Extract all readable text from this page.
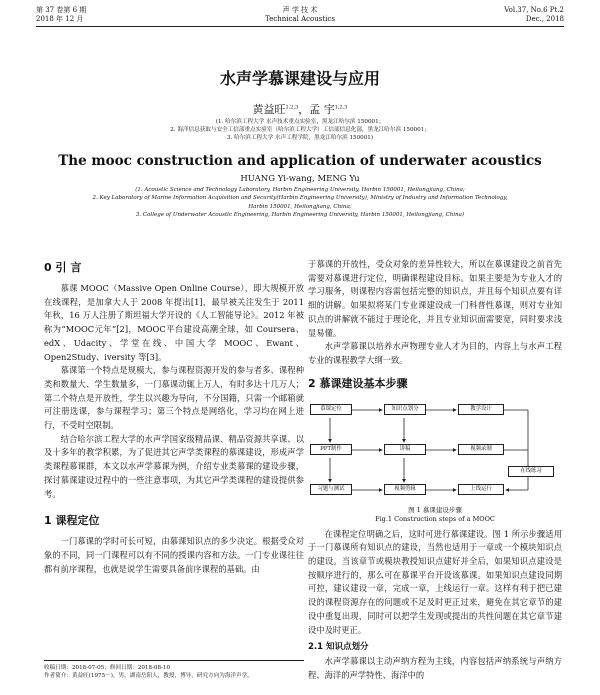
第 37 卷第 6 期
2018 年 12 月
声 学 技 术
Technical Acoustics
Vol.37, No.6 Pt.2
Dec., 2018
水声学慕课建设与应用
黄益旺$^{1,2,3}$，孟 宇$^{1,2,3}$
(1. 哈尔滨工程大学 水声技术重点实验室，黑龙江哈尔滨 150001；
2. 海洋信息获取与安全工信部重点实验室（哈尔滨工程大学）工信部信息化部，黑龙江哈尔滨 150001；
3. 哈尔滨工程大学 水声工程学院，黑龙江哈尔滨 150001)
The mooc construction and application of underwater acoustics
HUANG Yi-wang, MENG Yu
(1. Acoustic Science and Technology Laboratory, Harbin Engineering University, Harbin 150001, Heilongjiang, China;
2. Key Laboratory of Marine Information Acquisition and Security(Harbin Engineering University), Ministry of Industry and Information Technology,
Harbin 150001, Heilongjiang, China;
3. College of Underwater Acoustic Engineering, Harbin Engineering University, Harbin 150001, Heilongjiang, China)
0 引 言

慕课 MOOC（Massive Open Online Course），即大规模开放在线课程，是加拿大人于 2008 年提出[1]，最早被关注发生于 2011 年秋，16 万人注册了斯坦福大学开设的《人工智能导论》。2012 年被称为“MOOC元年”[2]，MOOC平台建设高潮全球，如 Coursera、edX、Udacity、学堂在线、中国大学 MOOC、Ewant、Open2Study、iversity 等[3]。

慕课第一个特点是规模大，参与课程资源开发的参与者多、课程种类和数量大、学生数量多，一门慕课动辄上万人，有时多达十几万人；第二个特点是开放性，学生以兴趣为导向，不分国籍，只需一个邮箱就可注册选课，参与课程学习；第三个特点是网络化，学习均在网上进行，不受时空限制。

结合哈尔滨工程大学的水声学国家级精品课、精品资源共享课、以及十多年的教学积累，为了促进其它声学类课程的慕课建设，形成声学类课程慕课群，本文以水声学慕课为例，介绍专业类慕课的建设步骤，探讨慕课建设过程中的一些注意事项，为其它声学类课程的建设提供参考。

1 课程定位

一门慕课的学时可长可短，由慕课知识点的多少决定。根据受众对象的不同，同一门课程可以有不同的授课内容和方法。一门专业课往往都有前序课程，也就是说学生需要具备前序课程的基础。由

于慕课的开放性，受众对象的差异性较大，所以在慕课建设之前首先需要对慕课进行定位，明确课程建设目标。如果主要是为专业人才的学习服务，则课程内容需包括完整的知识点，并且每个知识点要有详细的讲解。如果拟将某门专业课建设成一门科普性慕课，则对专业知识点的讲解就不能过于理论化，并且专业知识面需要宽，同时要求浅显易懂。

水声学慕课以培养水声物理专业人才为目的，内容上与水声工程专业的课程教学大纲一致。

2 慕课建设基本步骤
慕课定位	知识点划分	教学设计
PPT制作	讲稿	视频录制
习题与测试	视频剪辑	上线运行
在线练习

图 1 慕课建设步骤

Fig.1 Construction steps of a MOOC

在课程定位明确之后，这时可进行慕课建设。图 1 所示步骤适用于一门慕课所有知识点的建设，当然也适用于一章或一个模块知识点的建设。当该章节或模块教授知识点建好并全后，如果知识点建设是按顺序进行的，那么可在慕课平台开设该慕课。如果知识点建设同期可控，建议建设一章，完成一章，上线运行一章。这样有利于把已建设的课程资源存在的问题或不足及时更正过来，避免在其它章节的建设中重复出现，同时可以把学生发现或提出的共性问题在其它章节建设中及时更正。

2.1 知识点划分

水声学慕课以主动声纳方程为主线，内容包括声纳系统与声纳方程、海洋的声学特性、海洋中的

收稿日期：2018-07-05；修回日期：2018-08-10
作者简介：黄益旺(1975－)，男，湖南岳阳人，教授，博导，研究方向为海洋声学。
